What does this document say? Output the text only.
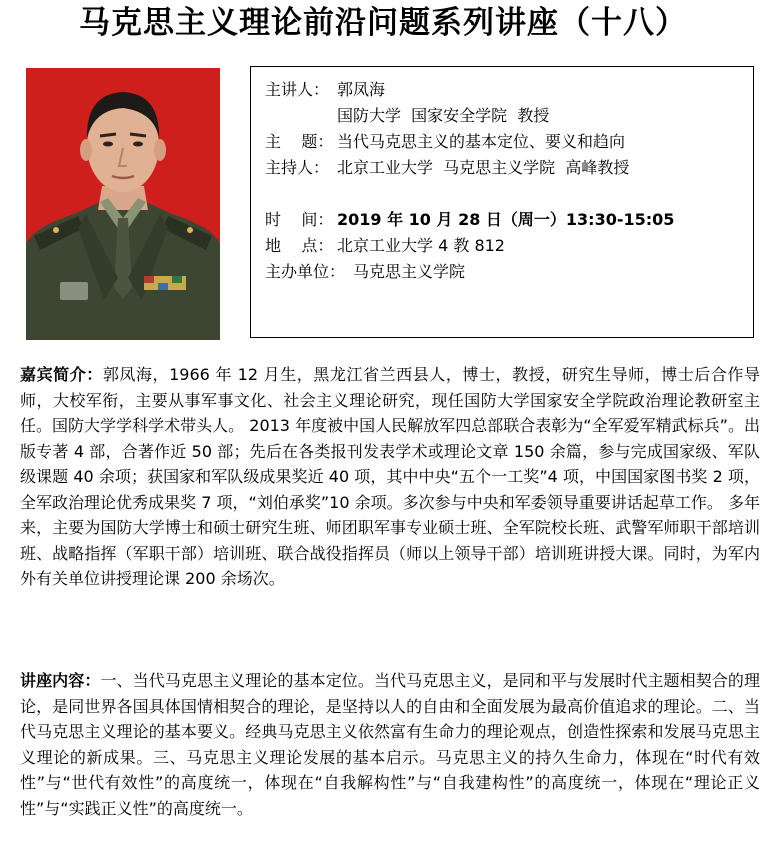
马克思主义理论前沿问题系列讲座（十八）
主讲人： 郭凤海
国防大学  国家安全学院  教授
主    题： 当代马克思主义的基本定位、要义和趋向
主持人： 北京工业大学  马克思主义学院  高峰教授
时    间： 2019 年 10 月 28 日（周一）13:30-15:05
地    点： 北京工业大学 4 教 812
主办单位： 马克思主义学院
嘉宾简介：郭凤海，1966 年 12 月生，黑龙江省兰西县人，博士，教授，研究生导师，博士后合作导师，大校军衔，主要从事军事文化、社会主义理论研究，现任国防大学国家安全学院政治理论教研室主任。国防大学学科学术带头人。 2013 年度被中国人民解放军四总部联合表彰为“全军爱军精武标兵”。出版专著 4 部，合著作近 50 部；先后在各类报刊发表学术或理论文章 150 余篇，参与完成国家级、军队级课题 40 余项；获国家和军队级成果奖近 40 项，其中中央“五个一工奖”4 项，中国国家图书奖 2 项，全军政治理论优秀成果奖 7 项，“刘伯承奖”10 余项。多次参与中央和军委领导重要讲话起草工作。 多年来，主要为国防大学博士和硕士研究生班、师团职军事专业硕士班、全军院校长班、武警军师职干部培训班、战略指挥（军职干部）培训班、联合战役指挥员（师以上领导干部）培训班讲授大课。同时，为军内外有关单位讲授理论课 200 余场次。
讲座内容：一、当代马克思主义理论的基本定位。当代马克思主义，是同和平与发展时代主题相契合的理论，是同世界各国具体国情相契合的理论，是坚持以人的自由和全面发展为最高价值追求的理论。二、当代马克思主义理论的基本要义。经典马克思主义依然富有生命力的理论观点，创造性探索和发展马克思主义理论的新成果。三、马克思主义理论发展的基本启示。马克思主义的持久生命力，体现在“时代有效性”与“世代有效性”的高度统一，体现在“自我解构性”与“自我建构性”的高度统一，体现在“理论正义性”与“实践正义性”的高度统一。
